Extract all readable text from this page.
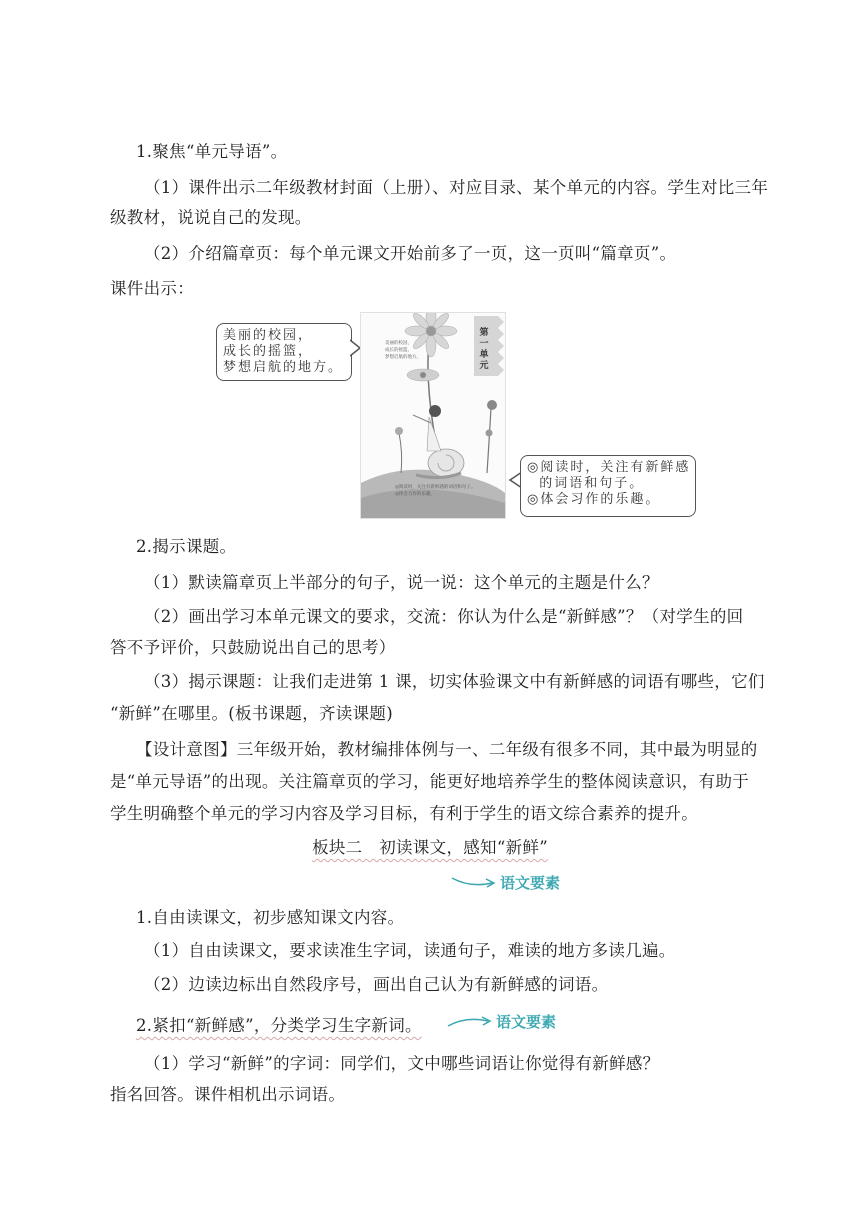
1.聚焦“单元导语”。
（1）课件出示二年级教材封面（上册）、对应目录、某个单元的内容。学生对比三年
级教材，说说自己的发现。
（2）介绍篇章页：每个单元课文开始前多了一页，这一页叫“篇章页”。
课件出示：
美丽的校园，
成长的摇篮，
梦想启航的地方。
美丽的校园，
成长的摇篮，
梦想启航的地方。
◎阅读时，关注有新鲜感的词语和句子。
◎体会习作的乐趣。
第一单元
◎阅读时，关注有新鲜感
的词语和句子。
◎体会习作的乐趣。
2.揭示课题。
（1）默读篇章页上半部分的句子，说一说：这个单元的主题是什么？
（2）画出学习本单元课文的要求，交流：你认为什么是“新鲜感”？（对学生的回
答不予评价，只鼓励说出自己的思考）
（3）揭示课题：让我们走进第 1 课，切实体验课文中有新鲜感的词语有哪些，它们
“新鲜”在哪里。(板书课题，齐读课题)
【设计意图】三年级开始，教材编排体例与一、二年级有很多不同，其中最为明显的
是“单元导语”的出现。关注篇章页的学习，能更好地培养学生的整体阅读意识，有助于
学生明确整个单元的学习内容及学习目标，有利于学生的语文综合素养的提升。
板块二　初读课文，感知“新鲜”
语文要素
1.自由读课文，初步感知课文内容。
（1）自由读课文，要求读准生字词，读通句子，难读的地方多读几遍。
（2）边读边标出自然段序号，画出自己认为有新鲜感的词语。
2.紧扣“新鲜感”，分类学习生字新词。	语文要素
（1）学习“新鲜”的字词：同学们，文中哪些词语让你觉得有新鲜感？
指名回答。课件相机出示词语。
